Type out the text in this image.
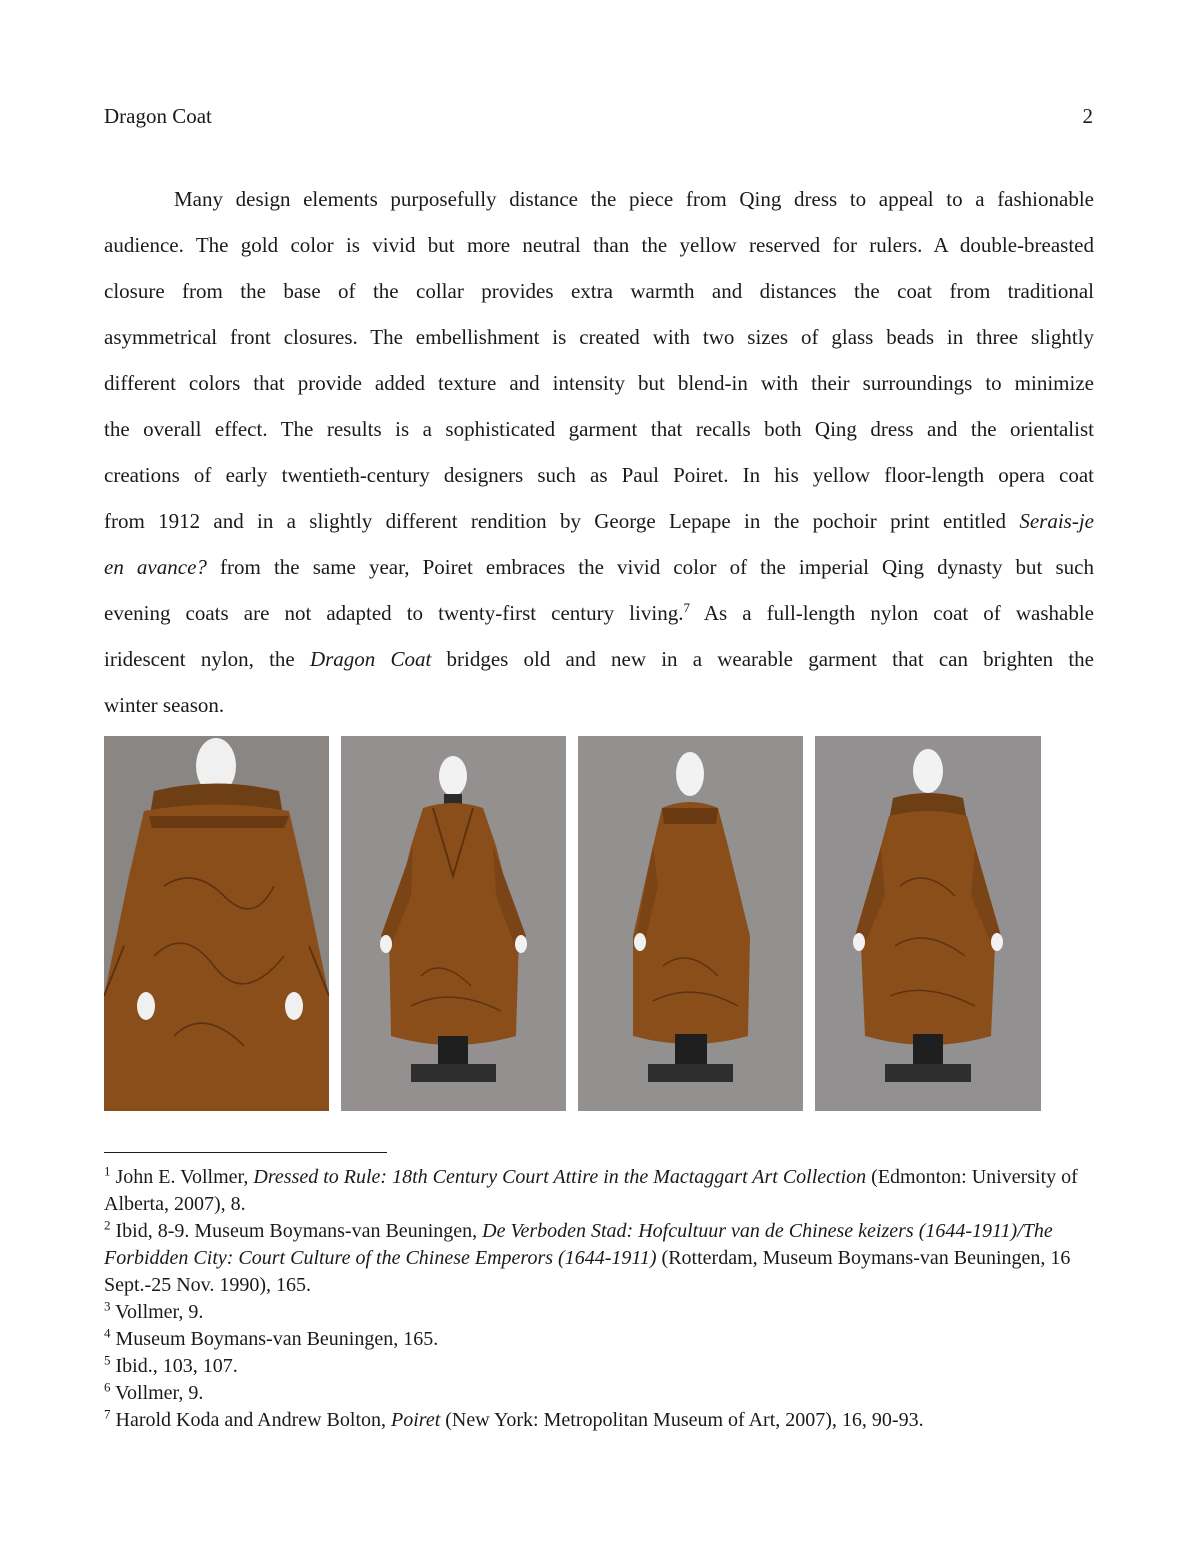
Dragon Coat	2
Many design elements purposefully distance the piece from Qing dress to appeal to a fashionable
audience. The gold color is vivid but more neutral than the yellow reserved for rulers. A double-breasted
closure from the base of the collar provides extra warmth and distances the coat from traditional
asymmetrical front closures. The embellishment is created with two sizes of glass beads in three slightly
different colors that provide added texture and intensity but blend-in with their surroundings to minimize
the overall effect. The results is a sophisticated garment that recalls both Qing dress and the orientalist
creations of early twentieth-century designers such as Paul Poiret. In his yellow floor-length opera coat
from 1912 and in a slightly different rendition by George Lepape in the pochoir print entitled Serais-je
en avance? from the same year, Poiret embraces the vivid color of the imperial Qing dynasty but such
evening coats are not adapted to twenty-first century living.$^7$ As a full-length nylon coat of washable
iridescent nylon, the Dragon Coat bridges old and new in a wearable garment that can brighten the
winter season.

$^1$ John E. Vollmer, Dressed to Rule: 18th Century Court Attire in the Mactaggart Art Collection (Edmonton: University of Alberta, 2007), 8.

$^2$ Ibid, 8-9. Museum Boymans-van Beuningen, De Verboden Stad: Hofcultuur van de Chinese keizers (1644-1911)/The Forbidden City: Court Culture of the Chinese Emperors (1644-1911) (Rotterdam, Museum Boymans-van Beuningen, 16 Sept.-25 Nov. 1990), 165.

$^3$ Vollmer, 9.

$^4$ Museum Boymans-van Beuningen, 165.

$^5$ Ibid., 103, 107.

$^6$ Vollmer, 9.

$^7$ Harold Koda and Andrew Bolton, Poiret (New York: Metropolitan Museum of Art, 2007), 16, 90-93.
